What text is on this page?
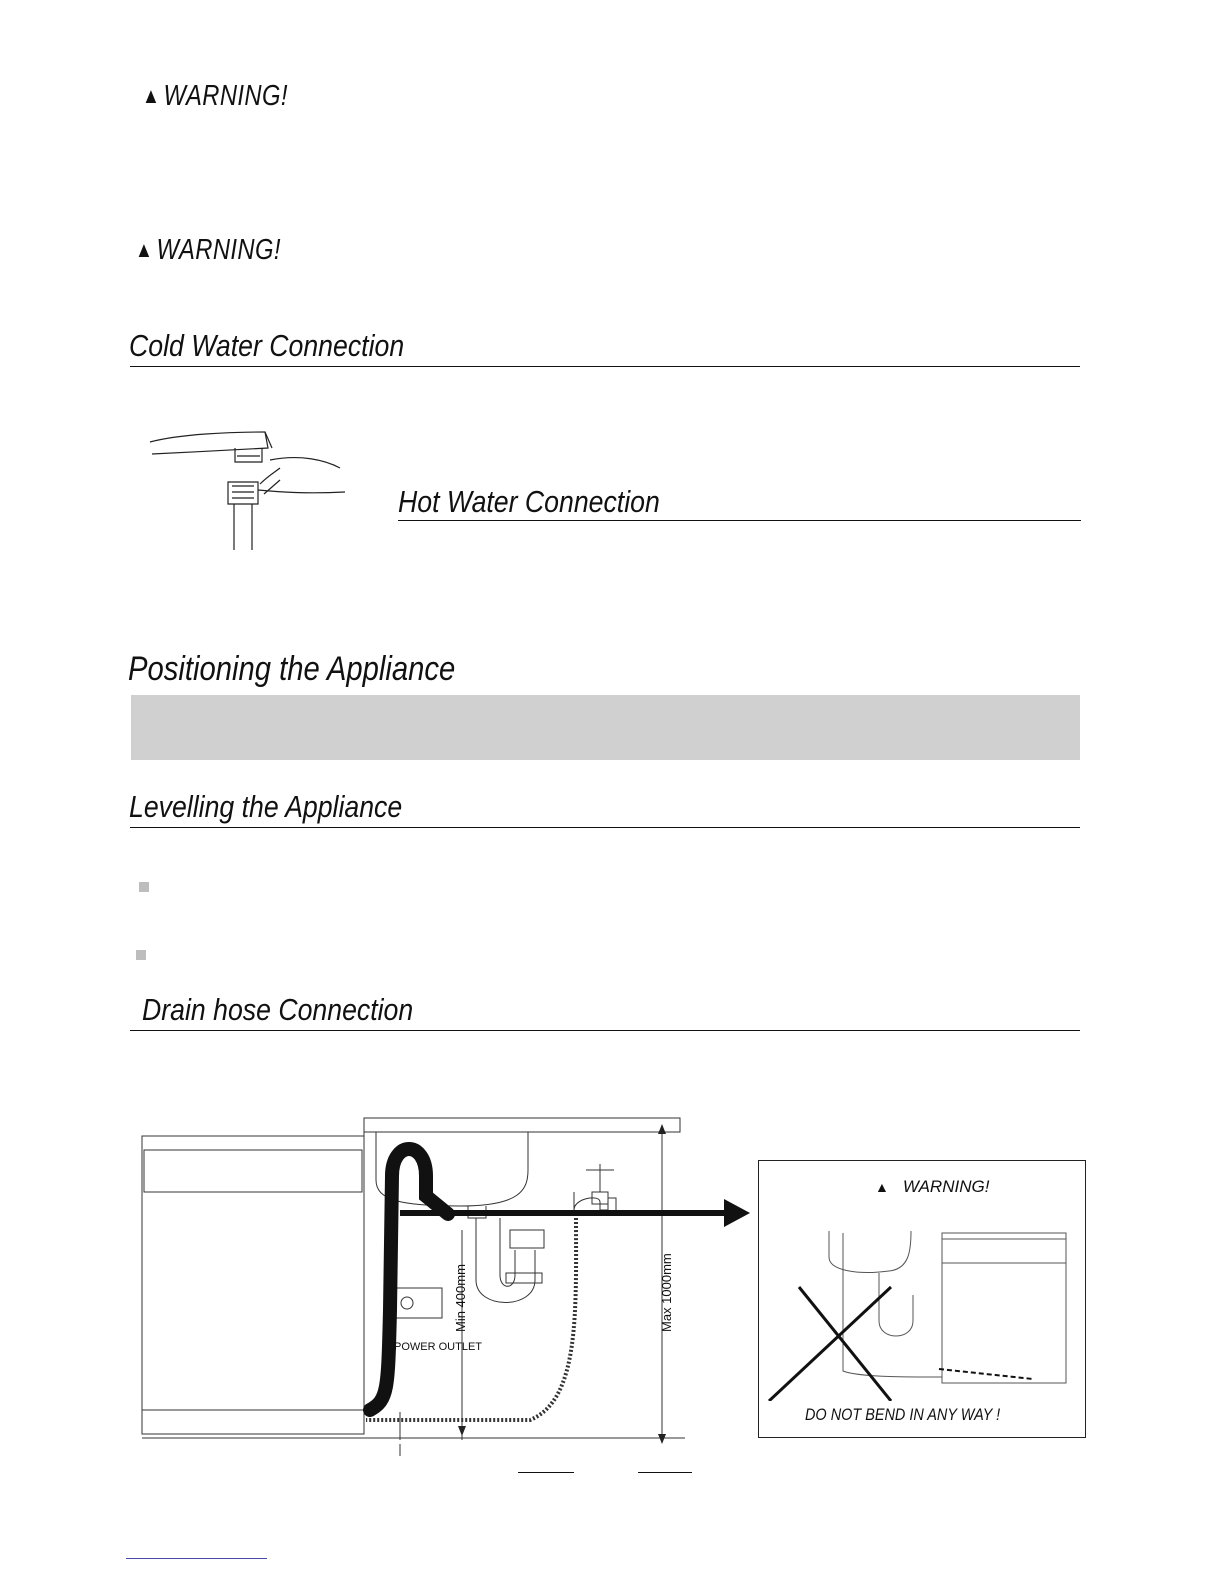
▲ WARNING!
▲ WARNING!
Cold Water Connection
Hot Water Connection
Positioning the Appliance
Levelling the Appliance
Drain hose Connection
Min 400mm	Max 1000mm
POWER OUTLET
▲ WARNING!
DO NOT BEND IN ANY WAY !
